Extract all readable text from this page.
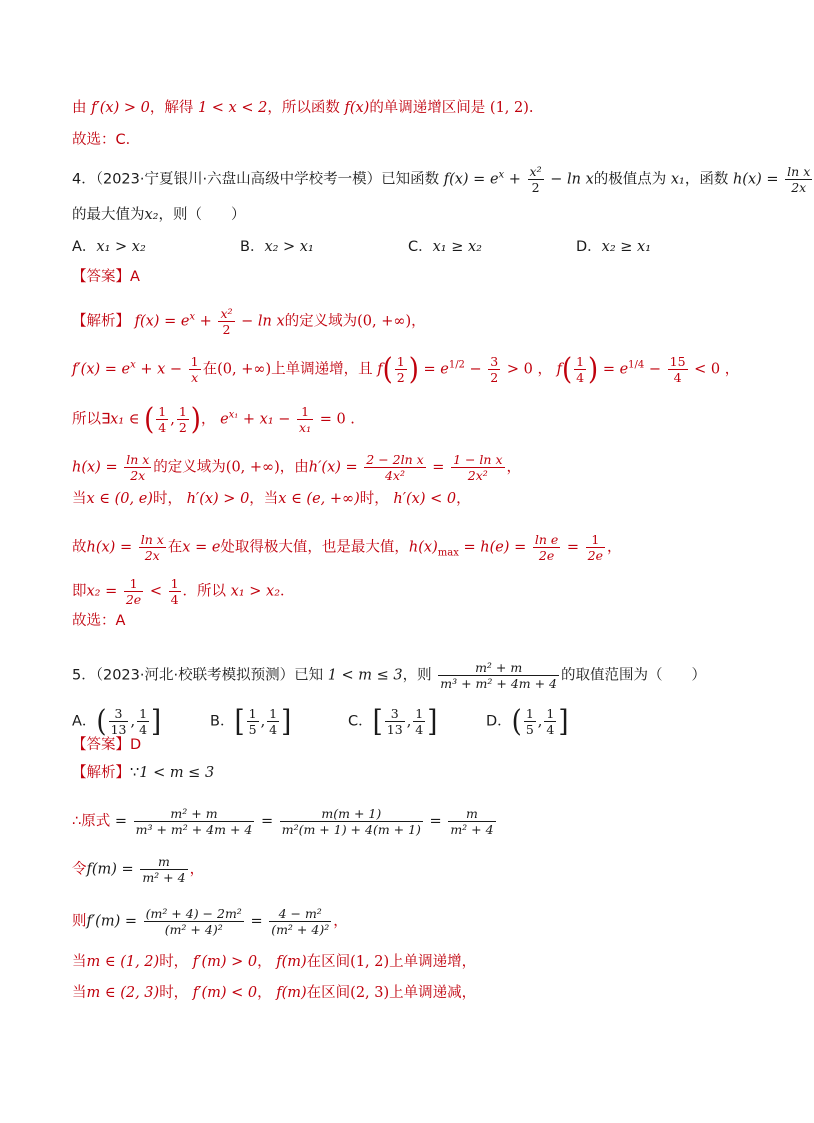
由 f′(x) > 0，解得 1 < x < 2，所以函数 f(x)的单调递增区间是 (1, 2).
故选：C．
4．（2023·宁夏银川·六盘山高级中学校考一模）已知函数 $f(x) = e^x + \frac{\text{x²}}{2} - \ln x$的极值点为 x₁，函数 $h(x) = \frac{\text{ln x}}{2x}$
的最大值为x₂，则（　　）
A．x₁ > x₂	B．x₂ > x₁	C．x₁ ≥ x₂	D．x₂ ≥ x₁
【答案】A
【解析】 $f(x) = e^x + \frac{\text{x²}}{2} - \ln x$的定义域为(0, +∞)，
$f'(x) = e^x + x - \frac{1}{x}$ 在(0, +∞)上单调递增，且 $f( \frac{1}{2}$ ) = $e^{1/2} - \frac{3}{2} > 0$ ， $f( \frac{1}{4}$ ) = $e^{1/4} - \frac{15}{4} < 0$ ，
所以∃x₁ ∈ ( $\frac{1}{4}$ , $\frac{1}{2}$ )， $e^{x_1} + x_1 - \frac{1}{\text{x₁}} = 0$ .
$h(x) = \frac{\text{ln x}}{2x}$ 的定义域为(0, +∞)，由$h'(x) = \frac{\text{2 − 2ln x}}{\text{4x²}} = \frac{\text{1 − ln x}}{\text{2x²}}$ ，
当x ∈ (0, e)时， h′(x) > 0，当x ∈ (e, +∞)时， h′(x) < 0，
故$h(x) = \frac{\text{ln x}}{2x}$ 在x = e处取得极大值，也是最大值，$h(x)_{max} = h(e) = \frac{\text{ln e}}{2e} = \frac{1}{2e}$ ，
即$x_2 = \frac{1}{2e} < \frac{1}{4}$ ．所以 x₁ > x₂．
故选：A
5．（2023·河北·校联考模拟预测）已知 1 < m ≤ 3，则 $\frac{\text{m² + m}}{\text{m³ + m² + 4m + 4}}$ 的取值范围为（　　）
A．( $\frac{3}{13}$ , $\frac{1}{4}$ ]	B．[ $\frac{1}{5}$ , $\frac{1}{4}$ ]	C．[ $\frac{3}{13}$ , $\frac{1}{4}$ ]	D．( $\frac{1}{5}$ , $\frac{1}{4}$ ]
【答案】D
【解析】∵1 < m ≤ 3
∴原式 = $\frac{\text{m² + m}}{\text{m³ + m² + 4m + 4}} = \frac{m(m + 1)}{\text{m²(m + 1) + 4(m + 1)}} = \frac{m}{\text{m² + 4}}$
令$f(m) = \frac{m}{\text{m² + 4}}$ ，
则$f'(m) = \frac{\text{(m² + 4) − 2m²}}{\text{(m² + 4)²}} = \frac{\text{4 − m²}}{\text{(m² + 4)²}}$ ，
当m ∈ (1, 2)时， f′(m) > 0， f(m)在区间(1, 2)上单调递增，
当m ∈ (2, 3)时， f′(m) < 0， f(m)在区间(2, 3)上单调递减，
